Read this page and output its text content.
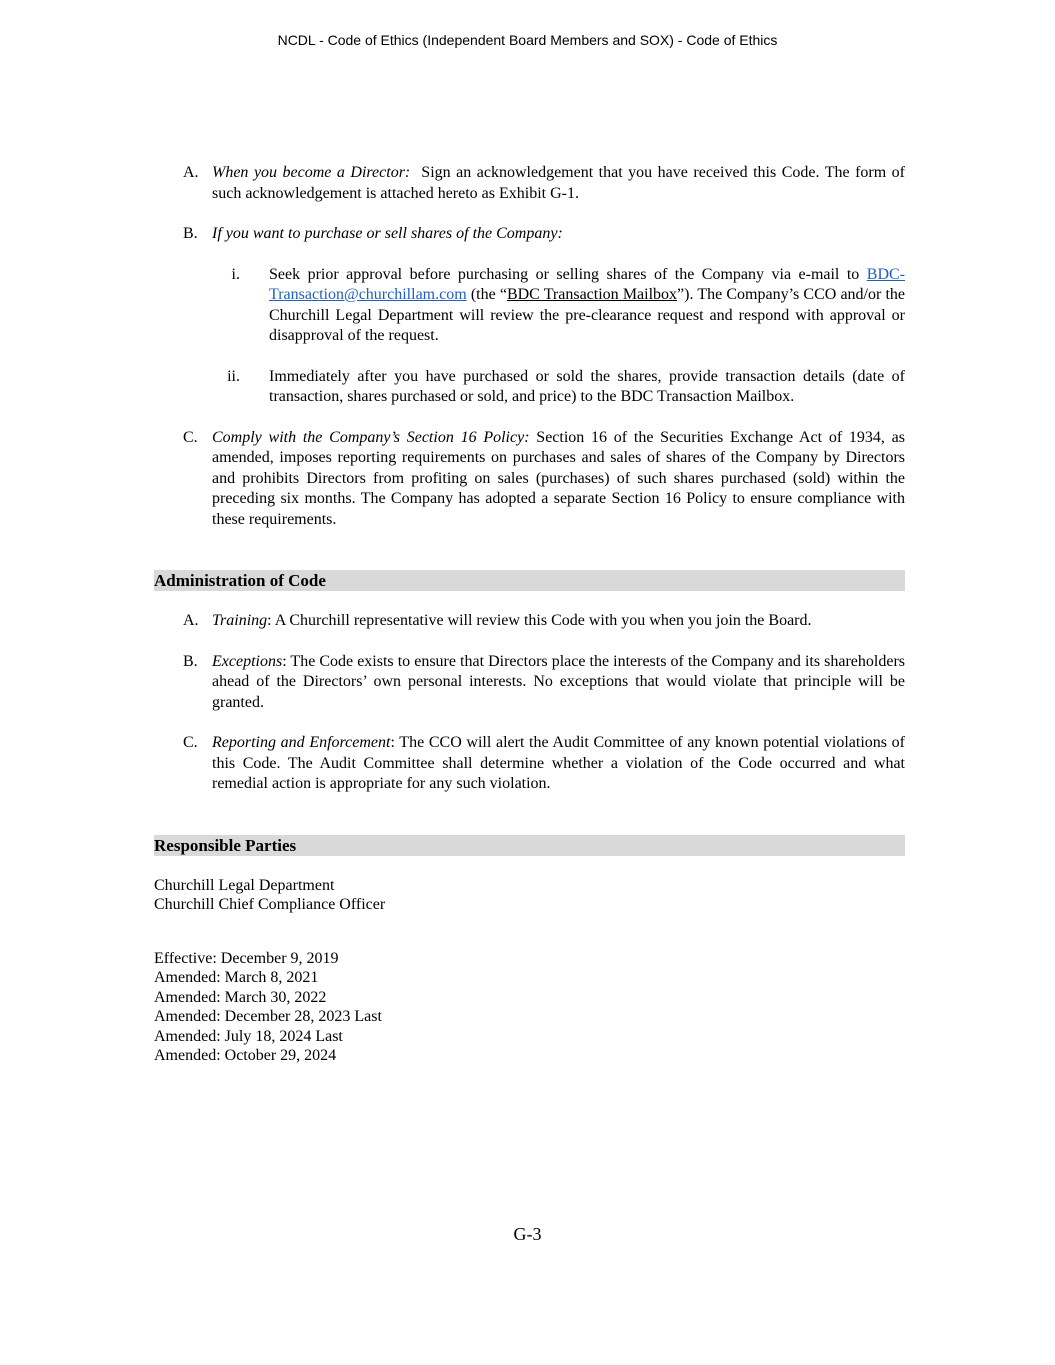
NCDL - Code of Ethics (Independent Board Members and SOX) - Code of Ethics

A. When you become a Director: Sign an acknowledgement that you have received this Code. The form of such acknowledgement is attached hereto as Exhibit G-1.

B. If you want to purchase or sell shares of the Company:

i. Seek prior approval before purchasing or selling shares of the Company via e-mail to BDC-Transaction@churchillam.com (the “BDC Transaction Mailbox”). The Company’s CCO and/or the Churchill Legal Department will review the pre-clearance request and respond with approval or disapproval of the request.

ii. Immediately after you have purchased or sold the shares, provide transaction details (date of transaction, shares purchased or sold, and price) to the BDC Transaction Mailbox.

C. Comply with the Company’s Section 16 Policy: Section 16 of the Securities Exchange Act of 1934, as amended, imposes reporting requirements on purchases and sales of shares of the Company by Directors and prohibits Directors from profiting on sales (purchases) of such shares purchased (sold) within the preceding six months. The Company has adopted a separate Section 16 Policy to ensure compliance with these requirements.

Administration of Code

A. Training: A Churchill representative will review this Code with you when you join the Board.

B. Exceptions: The Code exists to ensure that Directors place the interests of the Company and its shareholders ahead of the Directors’ own personal interests. No exceptions that would violate that principle will be granted.

C. Reporting and Enforcement: The CCO will alert the Audit Committee of any known potential violations of this Code. The Audit Committee shall determine whether a violation of the Code occurred and what remedial action is appropriate for any such violation.

Responsible Parties

Churchill Legal Department

Churchill Chief Compliance Officer

Effective: December 9, 2019

Amended: March 8, 2021

Amended: March 30, 2022

Amended: December 28, 2023 Last

Amended: July 18, 2024 Last

Amended: October 29, 2024

G-3
